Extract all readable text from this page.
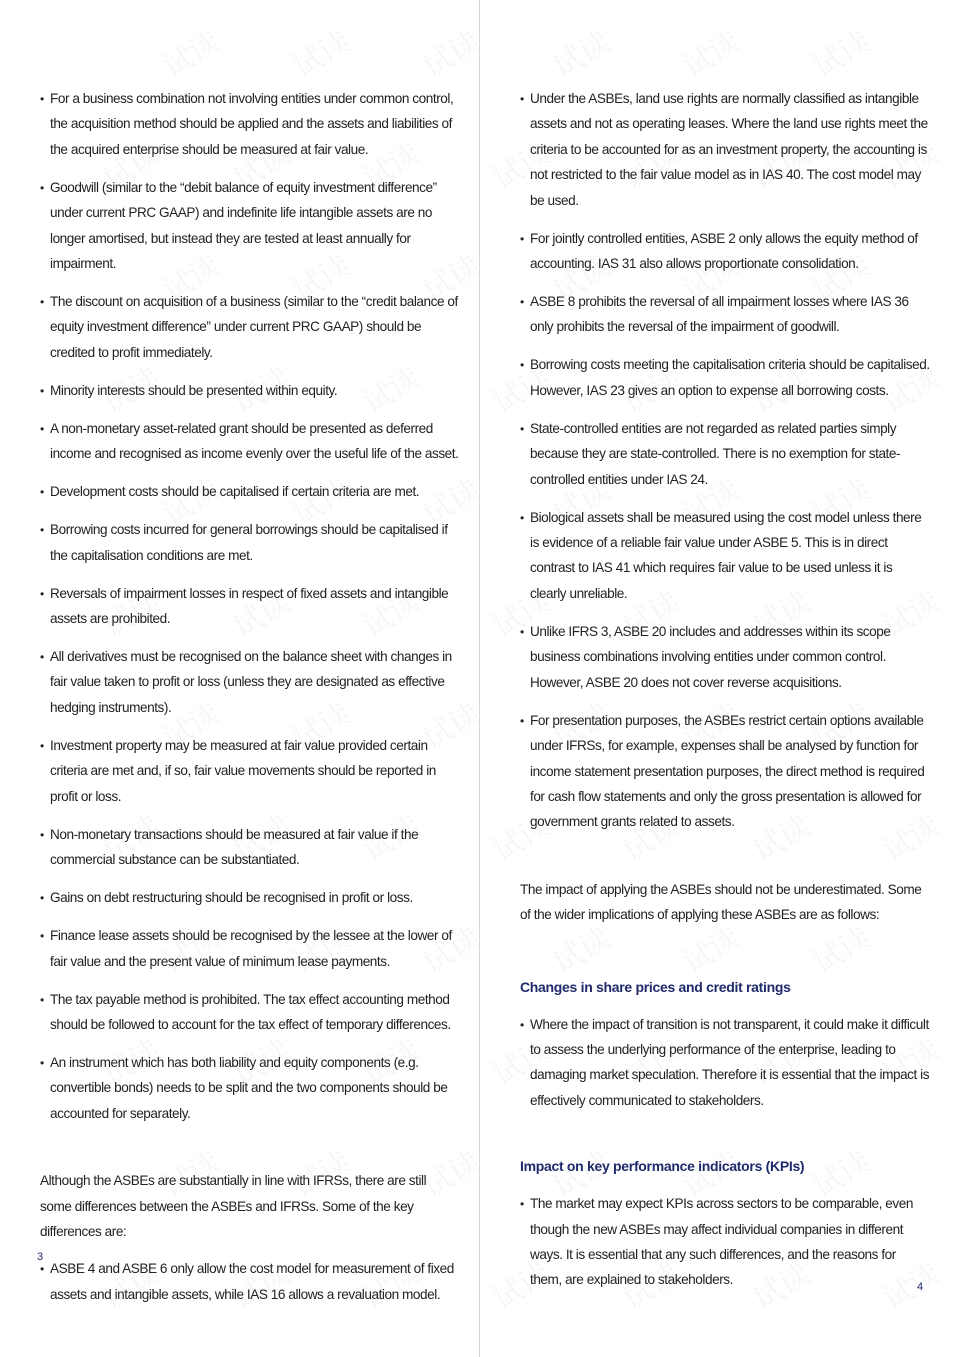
• For a business combination not involving entities under common control, the acquisition method should be applied and the assets and liabilities of the acquired enterprise should be measured at fair value.
• Goodwill (similar to the “debit balance of equity investment difference” under current PRC GAAP) and indefinite life intangible assets are no longer amortised, but instead they are tested at least annually for impairment.
• The discount on acquisition of a business (similar to the “credit balance of equity investment difference” under current PRC GAAP) should be credited to profit immediately.
• Minority interests should be presented within equity.
• A non-monetary asset-related grant should be presented as deferred income and recognised as income evenly over the useful life of the asset.
• Development costs should be capitalised if certain criteria are met.
• Borrowing costs incurred for general borrowings should be capitalised if the capitalisation conditions are met.
• Reversals of impairment losses in respect of fixed assets and intangible assets are prohibited.
• All derivatives must be recognised on the balance sheet with changes in fair value taken to profit or loss (unless they are designated as effective hedging instruments).
• Investment property may be measured at fair value provided certain criteria are met and, if so, fair value movements should be reported in profit or loss.
• Non-monetary transactions should be measured at fair value if the commercial substance can be substantiated.
• Gains on debt restructuring should be recognised in profit or loss.
• Finance lease assets should be recognised by the lessee at the lower of fair value and the present value of minimum lease payments.
• The tax payable method is prohibited. The tax effect accounting method should be followed to account for the tax effect of temporary differences.
• An instrument which has both liability and equity components (e.g. convertible bonds) needs to be split and the two components should be accounted for separately.

Although the ASBEs are substantially in line with IFRSs, there are still some differences between the ASBEs and IFRSs. Some of the key differences are:

• ASBE 4 and ASBE 6 only allow the cost model for measurement of fixed assets and intangible assets, while IAS 16 allows a revaluation model.
3
• Under the ASBEs, land use rights are normally classified as intangible assets and not as operating leases. Where the land use rights meet the criteria to be accounted for as an investment property, the accounting is not restricted to the fair value model as in IAS 40. The cost model may be used.
• For jointly controlled entities, ASBE 2 only allows the equity method of accounting. IAS 31 also allows proportionate consolidation.
• ASBE 8 prohibits the reversal of all impairment losses where IAS 36 only prohibits the reversal of the impairment of goodwill.
• Borrowing costs meeting the capitalisation criteria should be capitalised. However, IAS 23 gives an option to expense all borrowing costs.
• State-controlled entities are not regarded as related parties simply because they are state-controlled. There is no exemption for state-controlled entities under IAS 24.
• Biological assets shall be measured using the cost model unless there is evidence of a reliable fair value under ASBE 5. This is in direct contrast to IAS 41 which requires fair value to be used unless it is clearly unreliable.
• Unlike IFRS 3, ASBE 20 includes and addresses within its scope business combinations involving entities under common control. However, ASBE 20 does not cover reverse acquisitions.
• For presentation purposes, the ASBEs restrict certain options available under IFRSs, for example, expenses shall be analysed by function for income statement presentation purposes, the direct method is required for cash flow statements and only the gross presentation is allowed for government grants related to assets.

The impact of applying the ASBEs should not be underestimated. Some of the wider implications of applying these ASBEs are as follows:

Changes in share prices and credit ratings

• Where the impact of transition is not transparent, it could make it difficult to assess the underlying performance of the enterprise, leading to damaging market speculation. Therefore it is essential that the impact is effectively communicated to stakeholders.

Impact on key performance indicators (KPIs)

• The market may expect KPIs across sectors to be comparable, even though the new ASBEs may affect individual companies in different ways. It is essential that any such differences, and the reasons for them, are explained to stakeholders.	4
